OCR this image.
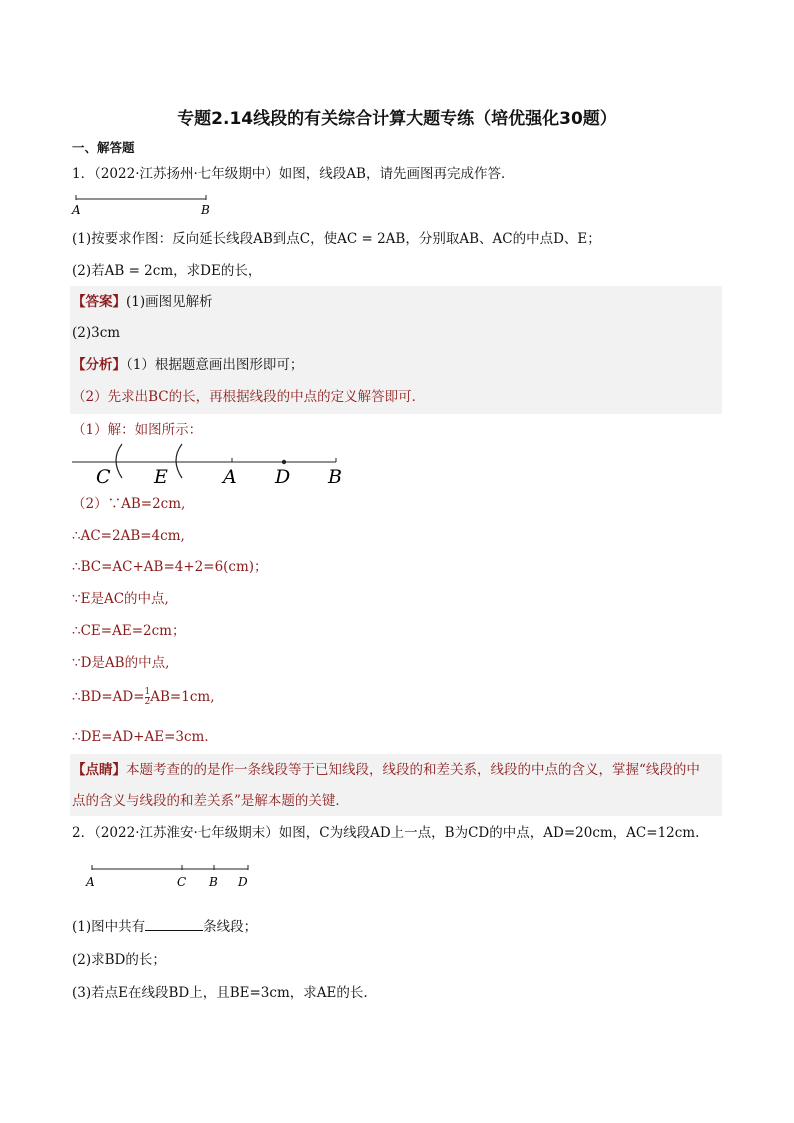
专题2.14线段的有关综合计算大题专练（培优强化30题）
一、解答题
1．（2022·江苏扬州·七年级期中）如图，线段AB，请先画图再完成作答．
A	B
(1)按要求作图：反向延长线段AB到点C，使AC = 2AB，分别取AB、AC的中点D、E；
(2)若AB = 2cm，求DE的长，
【答案】(1)画图见解析
(2)3cm
【分析】（1）根据题意画出图形即可；
（2）先求出BC的长，再根据线段的中点的定义解答即可．
（1）解：如图所示：
C E	A D B
（2）∵AB=2cm,
∴AC=2AB=4cm,
∴BC=AC+AB=4+2=6(cm)；
∵E是AC的中点,
∴CE=AE=2cm；
∵D是AB的中点,
∴BD=AD= $\frac{1}{2} AB=1cm$,
∴DE=AD+AE=3cm．
【点睛】本题考查的的是作一条线段等于已知线段，线段的和差关系，线段的中点的含义，掌握“线段的中
点的含义与线段的和差关系”是解本题的关键．
2．（2022·江苏淮安·七年级期末）如图，C为线段AD上一点，B为CD的中点，AD=20cm，AC=12cm.
A	C B D
(1)图中共有	条线段；
(2)求BD的长；
(3)若点E在线段BD上，且BE=3cm，求AE的长.
